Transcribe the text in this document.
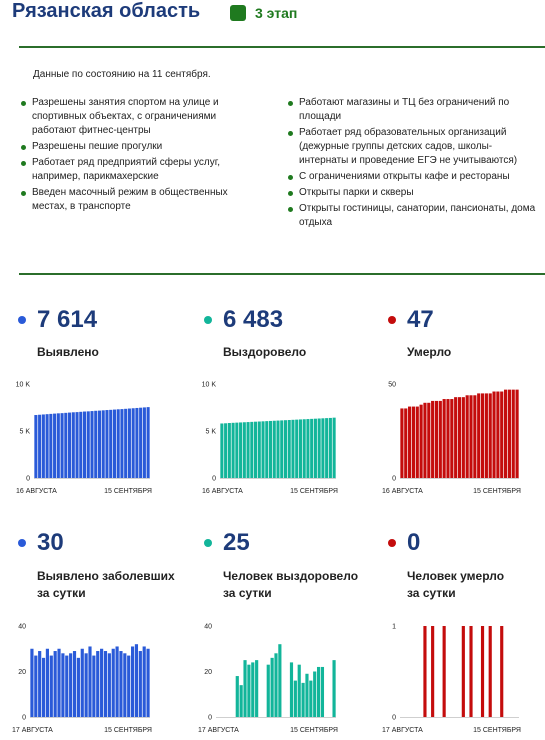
Рязанская область	3 этап
Данные по состоянию на 11 сентября.
Разрешены занятия спортом на улице и спортивных объектах, с ограничениями работают фитнес-центры
Разрешены пешие прогулки
Работает ряд предприятий сферы услуг, например, парикмахерские
Введен масочный режим в общественных местах, в транспорте
Работают магазины и ТЦ без ограничений по площади
Работает ряд образовательных организаций (дежурные группы детских садов, школы-интернаты и проведение ЕГЭ не учитываются)
С ограничениями открыты кафе и рестораны
Открыты парки и скверы
Открыты гостиницы, санатории, пансионаты, дома отдыха
7 614
Выявлено
6 483
Выздоровело
47
Умерло
30
Выявлено заболевших
за сутки
25
Человек выздоровело
за сутки
0
Человек умерло
за сутки
0
5 K
10 K
16 АВГУСТА	15 СЕНТЯБРЯ
0
5 K
10 K
16 АВГУСТА	15 СЕНТЯБРЯ
0
50
16 АВГУСТА	15 СЕНТЯБРЯ
0
20
40
17 АВГУСТА	15 СЕНТЯБРЯ
0
20
40
17 АВГУСТА	15 СЕНТЯБРЯ
0
1
17 АВГУСТА	15 СЕНТЯБРЯ
